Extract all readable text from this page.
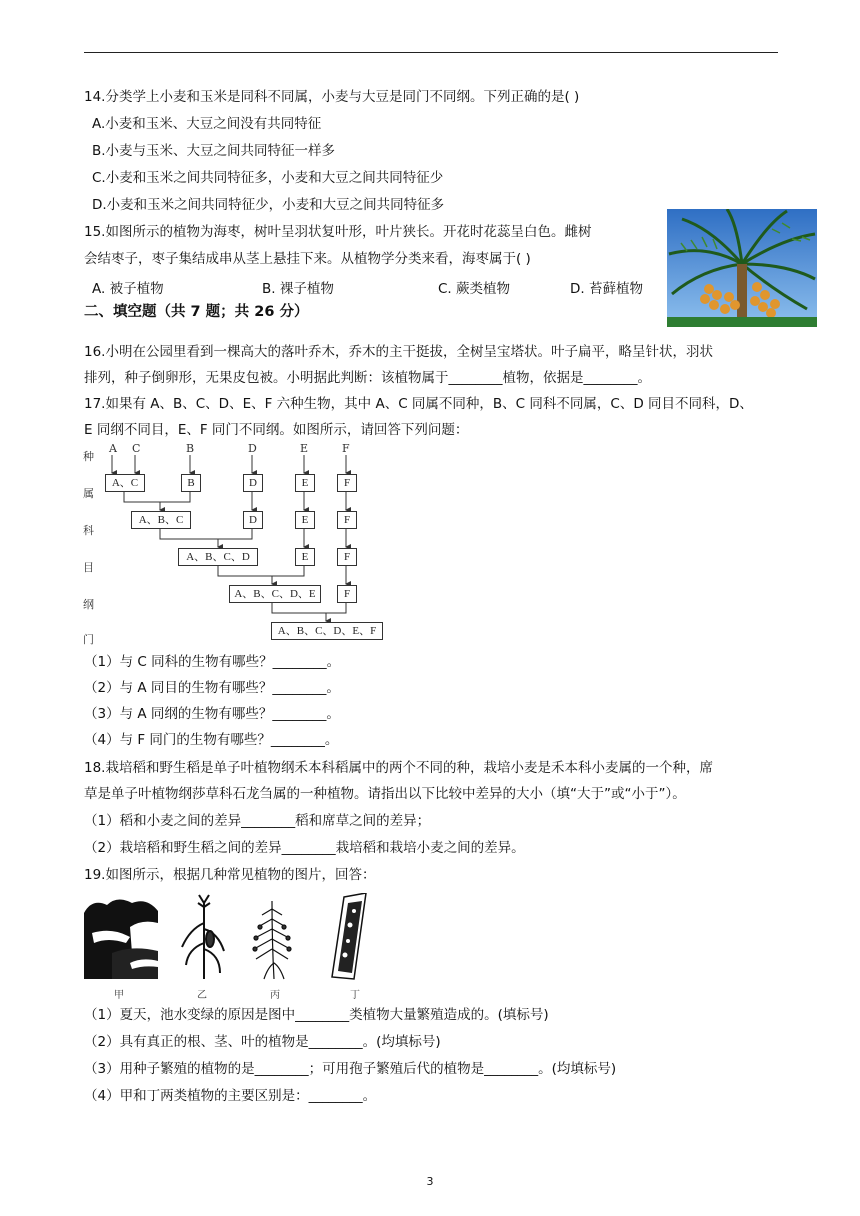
14.分类学上小麦和玉米是同科不同属，小麦与大豆是同门不同纲。下列正确的是( )
A.小麦和玉米、大豆之间没有共同特征
B.小麦与玉米、大豆之间共同特征一样多
C.小麦和玉米之间共同特征多，小麦和大豆之间共同特征少
D.小麦和玉米之间共同特征少，小麦和大豆之间共同特征多
15.如图所示的植物为海枣，树叶呈羽状复叶形，叶片狭长。开花时花蕊呈白色。雌树
会结枣子，枣子集结成串从茎上悬挂下来。从植物学分类来看，海枣属于( )
A. 被子植物	B. 裸子植物	C. 蕨类植物	D. 苔藓植物
二、填空题（共 7 题；共 26 分）
16.小明在公园里看到一棵高大的落叶乔木，乔木的主干挺拔，全树呈宝塔状。叶子扁平，略呈针状，羽状
排列，种子倒卵形，无果皮包被。小明据此判断：该植物属于________植物，依据是________。
17.如果有 A、B、C、D、E、F 六种生物，其中 A、C 同属不同种，B、C 同科不同属，C、D 同目不同科，D、
E 同纲不同目，E、F 同门不同纲。如图所示，请回答下列问题：
种
属
科
目
纲
门
A C	B	D	E	F
A、C	B	D	E	F
A、B、C	D	E	F
A、B、C、D	E	F
A、B、C、D、E	F
A、B、C、D、E、F
（1）与 C 同科的生物有哪些？________。
（2）与 A 同目的生物有哪些？________。
（3）与 A 同纲的生物有哪些？________。
（4）与 F 同门的生物有哪些？________。
18.栽培稻和野生稻是单子叶植物纲禾本科稻属中的两个不同的种，栽培小麦是禾本科小麦属的一个种，席
草是单子叶植物纲莎草科石龙刍属的一种植物。请指出以下比较中差异的大小（填“大于”或“小于”）。
（1）稻和小麦之间的差异________稻和席草之间的差异；
（2）栽培稻和野生稻之间的差异________栽培稻和栽培小麦之间的差异。
19.如图所示，根据几种常见植物的图片，回答：
甲	乙	丙	丁
（1）夏天，池水变绿的原因是图中________类植物大量繁殖造成的。(填标号)
（2）具有真正的根、茎、叶的植物是________。(均填标号)
（3）用种子繁殖的植物的是________；可用孢子繁殖后代的植物是________。(均填标号)
（4）甲和丁两类植物的主要区别是：________。
3
